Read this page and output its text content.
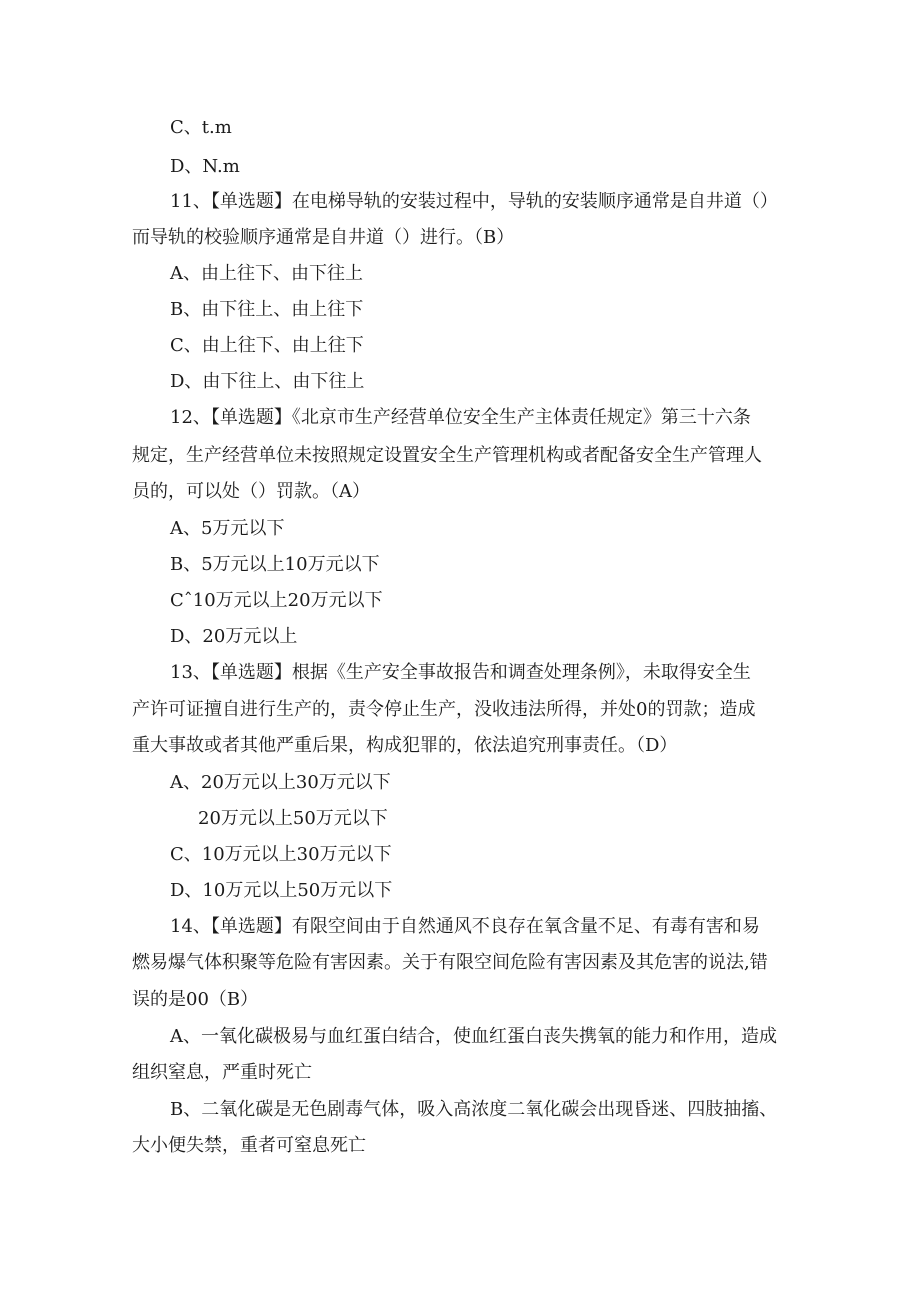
C、t.m
D、N.m
11、【单选题】在电梯导轨的安装过程中，导轨的安装顺序通常是自井道（）
而导轨的校验顺序通常是自井道（）进行。（B）
A、由上往下、由下往上
B、由下往上、由上往下
C、由上往下、由上往下
D、由下往上、由下往上
12、【单选题】《北京市生产经营单位安全生产主体责任规定》第三十六条
规定，生产经营单位未按照规定设置安全生产管理机构或者配备安全生产管理人
员的，可以处（）罚款。（A）
A、5万元以下
B、5万元以上10万元以下
Cˆ10万元以上20万元以下
D、20万元以上
13、【单选题】根据《生产安全事故报告和调查处理条例》，未取得安全生
产许可证擅自进行生产的，责令停止生产，没收违法所得，并处0的罚款；造成
重大事故或者其他严重后果，构成犯罪的，依法追究刑事责任。（D）
A、20万元以上30万元以下
20万元以上50万元以下
C、10万元以上30万元以下
D、10万元以上50万元以下
14、【单选题】有限空间由于自然通风不良存在氧含量不足、有毒有害和易
燃易爆气体积聚等危险有害因素。关于有限空间危险有害因素及其危害的说法,错
误的是00（B）
A、一氧化碳极易与血红蛋白结合，使血红蛋白丧失携氧的能力和作用，造成
组织窒息，严重时死亡
B、二氧化碳是无色剧毒气体，吸入高浓度二氧化碳会出现昏迷、四肢抽搐、
大小便失禁，重者可窒息死亡
